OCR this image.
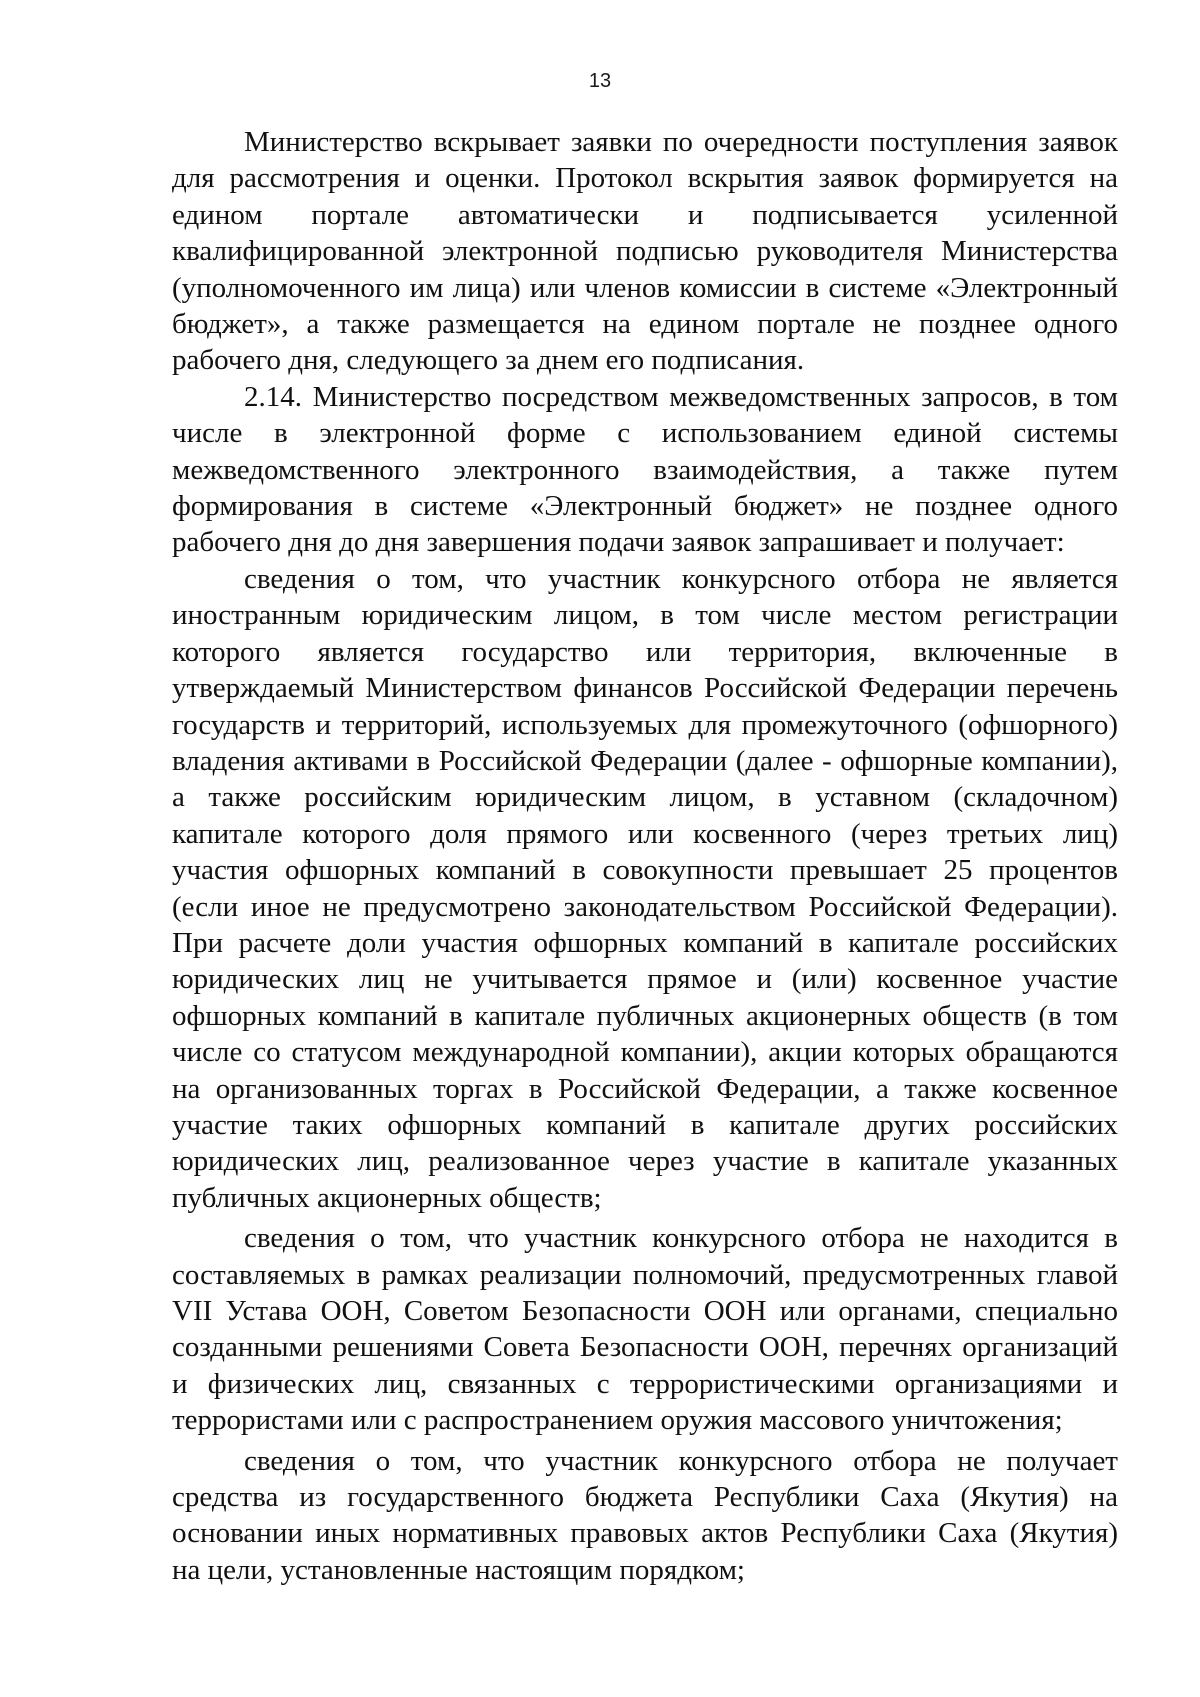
13

Министерство вскрывает заявки по очередности поступления заявок для рассмотрения и оценки. Протокол вскрытия заявок формируется на едином портале автоматически и подписывается усиленной квалифицированной электронной подписью руководителя Министерства (уполномоченного им лица) или членов комиссии в системе «Электронный бюджет», а также размещается на едином портале не позднее одного рабочего дня, следующего за днем его подписания.

2.14. Министерство посредством межведомственных запросов, в том числе в электронной форме с использованием единой системы межведомственного электронного взаимодействия, а также путем формирования в системе «Электронный бюджет» не позднее одного рабочего дня до дня завершения подачи заявок запрашивает и получает:

сведения о том, что участник конкурсного отбора не является иностранным юридическим лицом, в том числе местом регистрации которого является государство или территория, включенные в утверждаемый Министерством финансов Российской Федерации перечень государств и территорий, используемых для промежуточного (офшорного) владения активами в Российской Федерации (далее - офшорные компании), а также российским юридическим лицом, в уставном (складочном) капитале которого доля прямого или косвенного (через третьих лиц) участия офшорных компаний в совокупности превышает 25 процентов (если иное не предусмотрено законодательством Российской Федерации). При расчете доли участия офшорных компаний в капитале российских юридических лиц не учитывается прямое и (или) косвенное участие офшорных компаний в капитале публичных акционерных обществ (в том числе со статусом международной компании), акции которых обращаются на организованных торгах в Российской Федерации, а также косвенное участие таких офшорных компаний в капитале других российских юридических лиц, реализованное через участие в капитале указанных публичных акционерных обществ;

сведения о том, что участник конкурсного отбора не находится в составляемых в рамках реализации полномочий, предусмотренных главой VII Устава ООН, Советом Безопасности ООН или органами, специально созданными решениями Совета Безопасности ООН, перечнях организаций и физических лиц, связанных с террористическими организациями и террористами или с распространением оружия массового уничтожения;

сведения о том, что участник конкурсного отбора не получает средства из государственного бюджета Республики Саха (Якутия) на основании иных нормативных правовых актов Республики Саха (Якутия) на цели, установленные настоящим порядком;
